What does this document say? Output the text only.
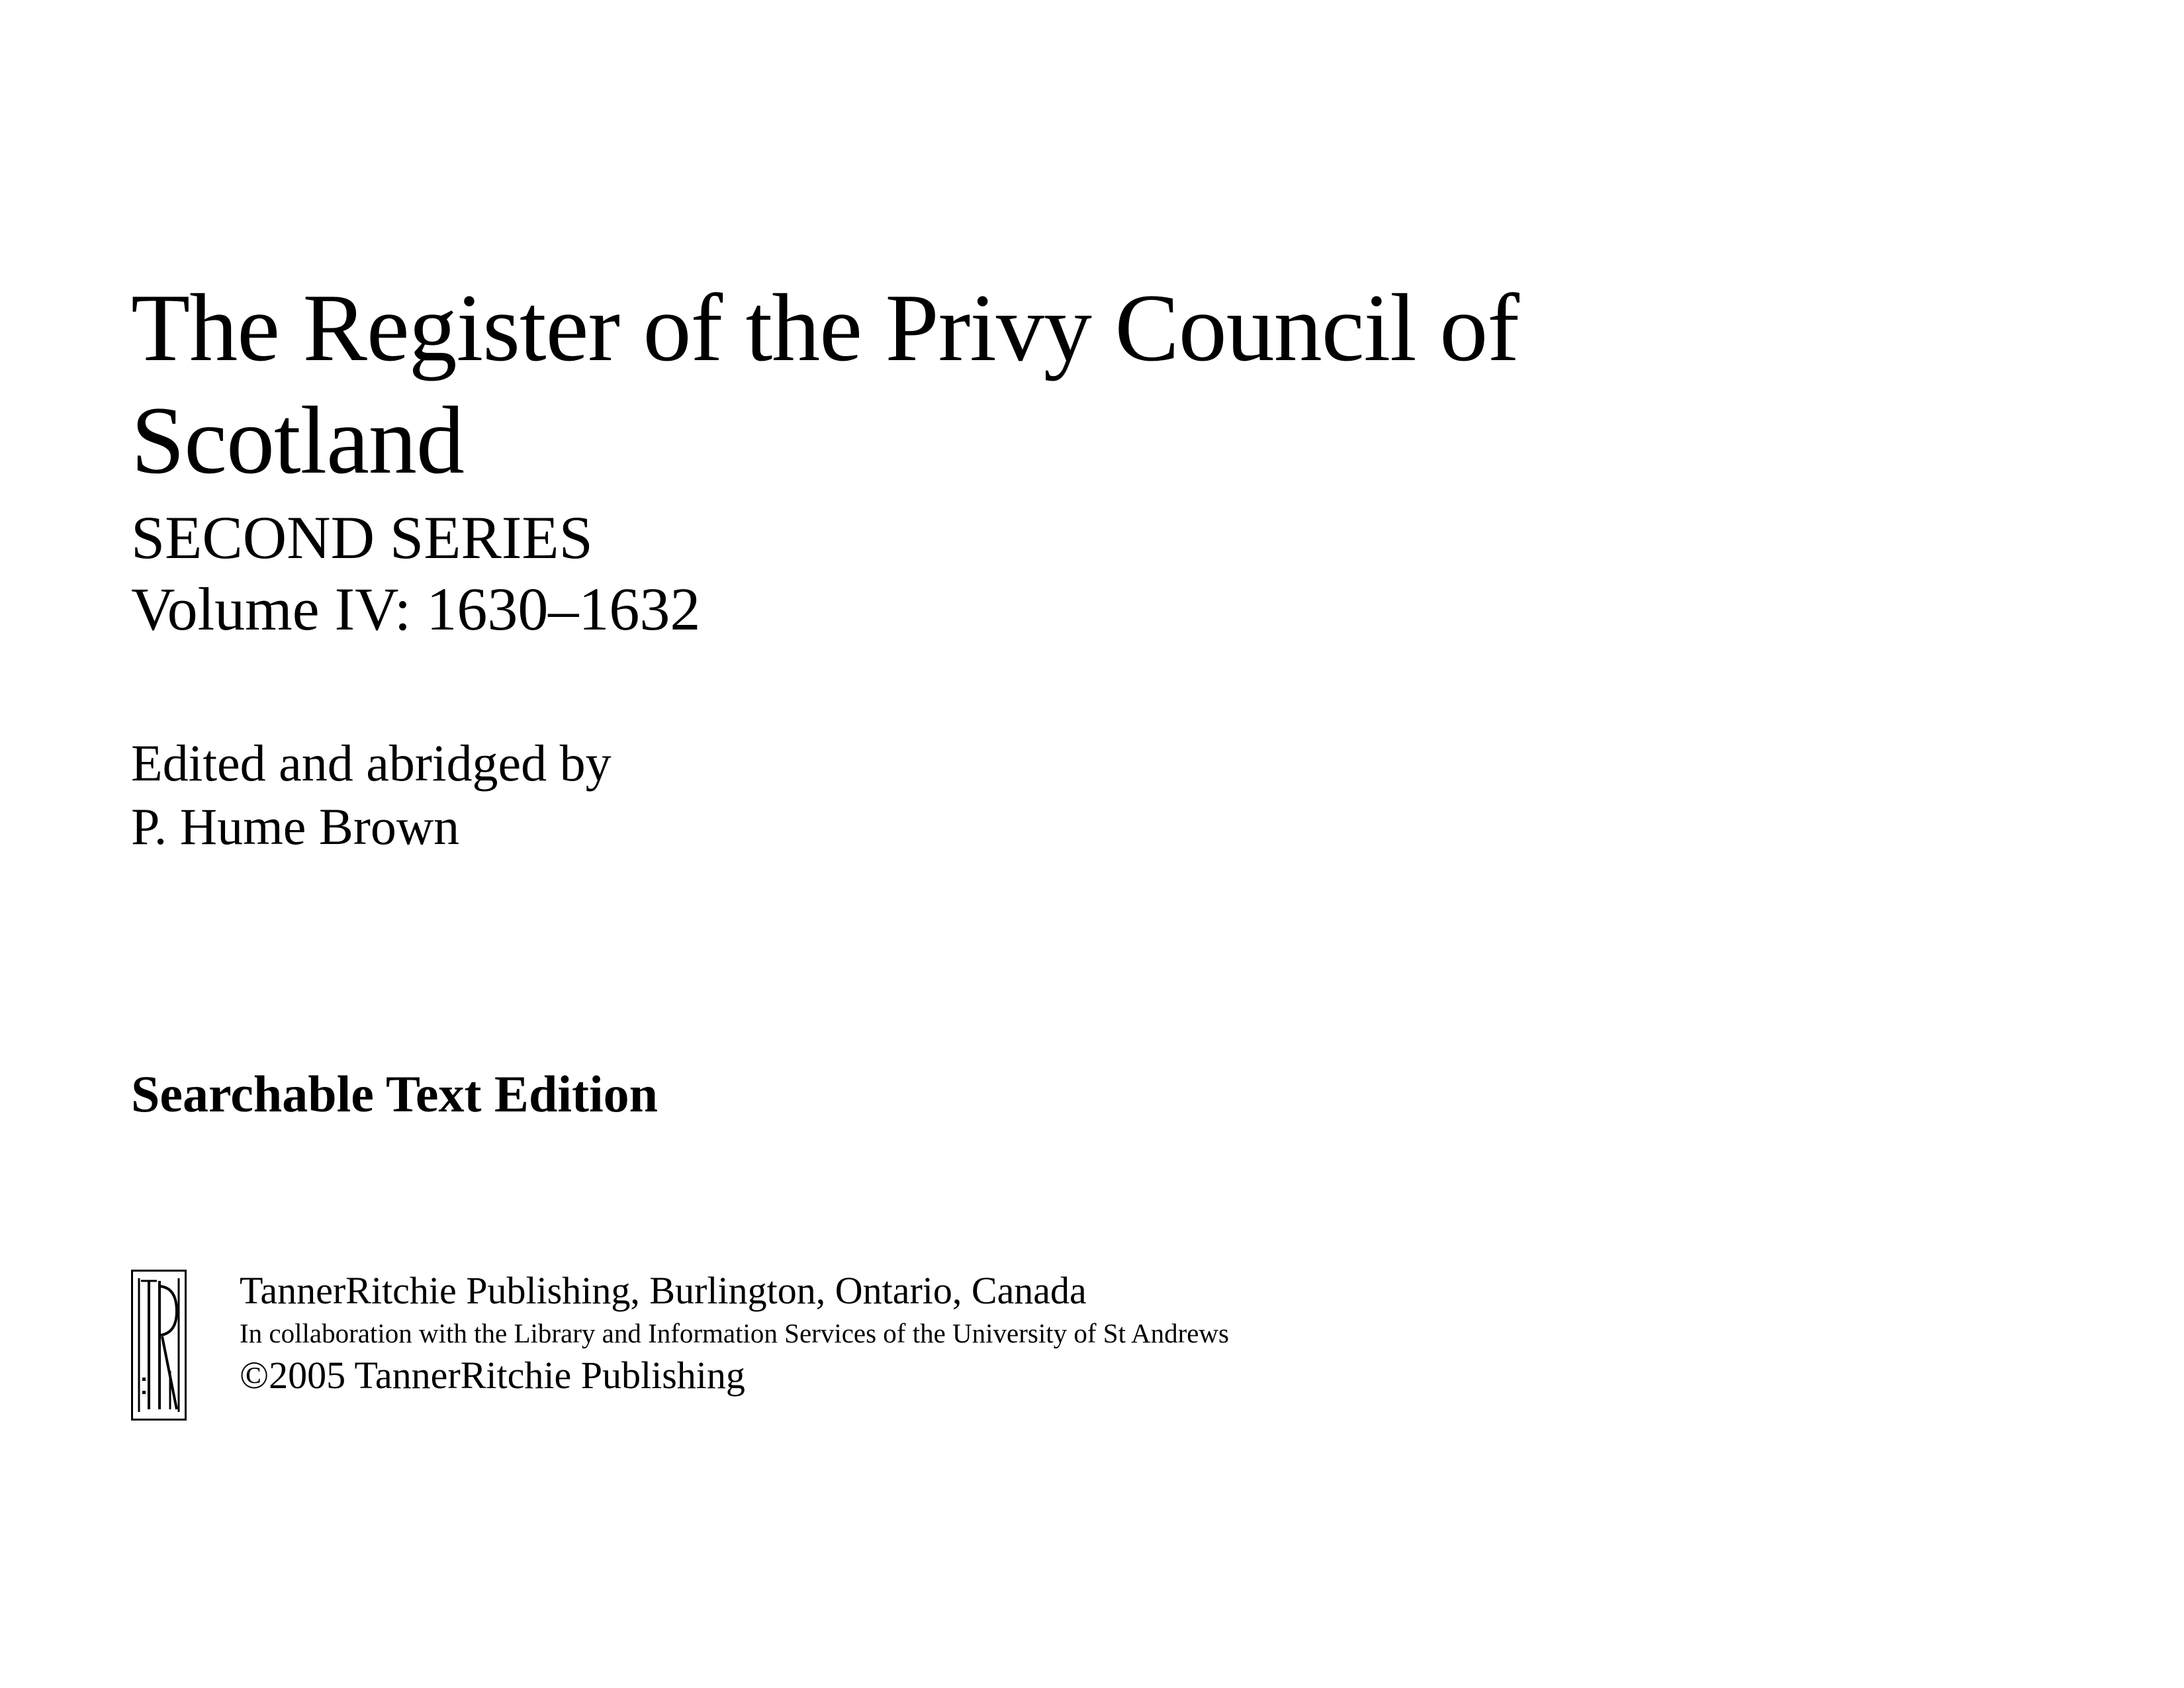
The Register of the Privy Council of
Scotland

SECOND SERIES

Volume IV: 1630–1632

Edited and abridged by

P. Hume Brown

Searchable Text Edition

TannerRitchie Publishing, Burlington, Ontario, Canada

In collaboration with the Library and Information Services of the University of St Andrews

©2005 TannerRitchie Publishing
